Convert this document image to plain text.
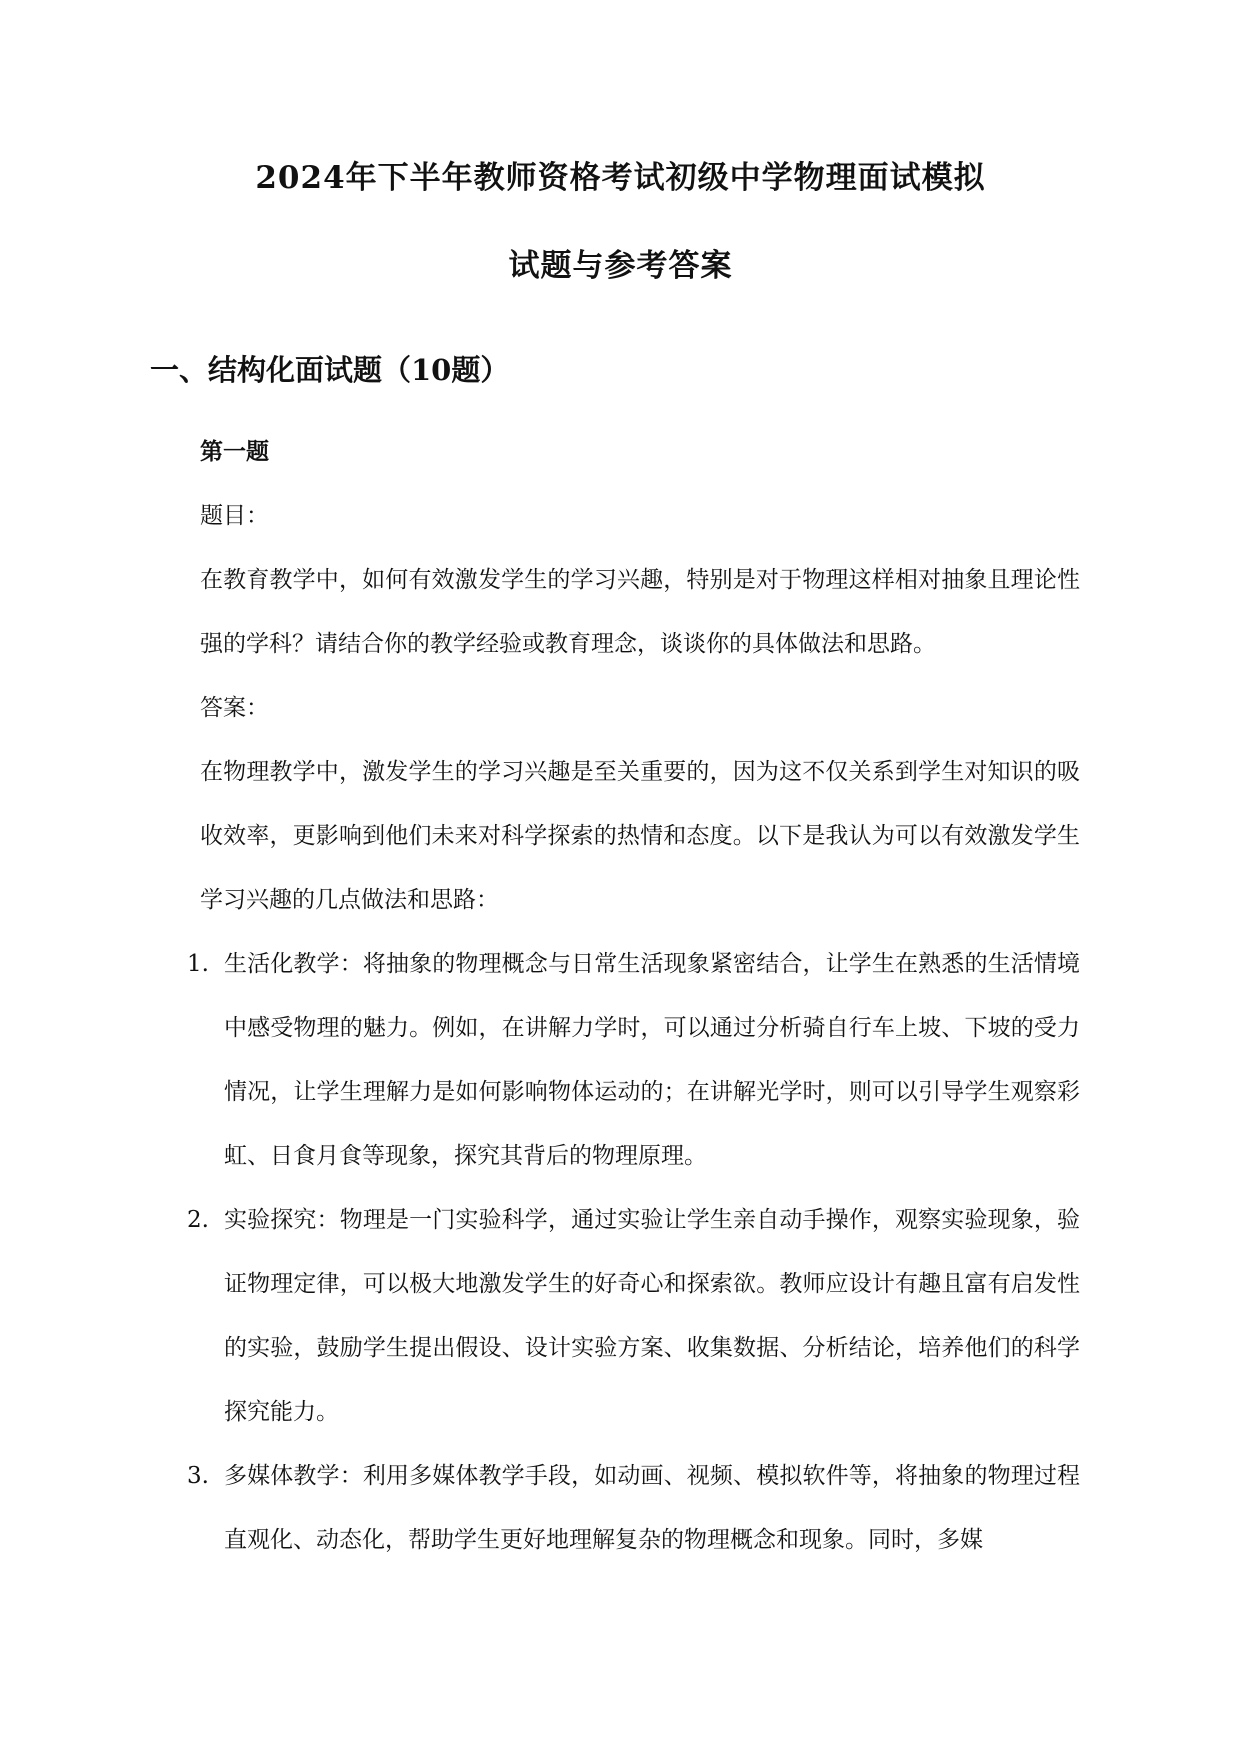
2024年下半年教师资格考试初级中学物理面试模拟
试题与参考答案
一、结构化面试题（10题）
第一题

题目：

在教育教学中，如何有效激发学生的学习兴趣，特别是对于物理这样相对抽象且理论性强的学科？请结合你的教学经验或教育理念，谈谈你的具体做法和思路。

答案：

在物理教学中，激发学生的学习兴趣是至关重要的，因为这不仅关系到学生对知识的吸收效率，更影响到他们未来对科学探索的热情和态度。以下是我认为可以有效激发学生学习兴趣的几点做法和思路：

1. 生活化教学：将抽象的物理概念与日常生活现象紧密结合，让学生在熟悉的生活情境中感受物理的魅力。例如，在讲解力学时，可以通过分析骑自行车上坡、下坡的受力情况，让学生理解力是如何影响物体运动的；在讲解光学时，则可以引导学生观察彩虹、日食月食等现象，探究其背后的物理原理。
2. 实验探究：物理是一门实验科学，通过实验让学生亲自动手操作，观察实验现象，验证物理定律，可以极大地激发学生的好奇心和探索欲。教师应设计有趣且富有启发性的实验，鼓励学生提出假设、设计实验方案、收集数据、分析结论，培养他们的科学探究能力。
3. 多媒体教学：利用多媒体教学手段，如动画、视频、模拟软件等，将抽象的物理过程直观化、动态化，帮助学生更好地理解复杂的物理概念和现象。同时，多媒
